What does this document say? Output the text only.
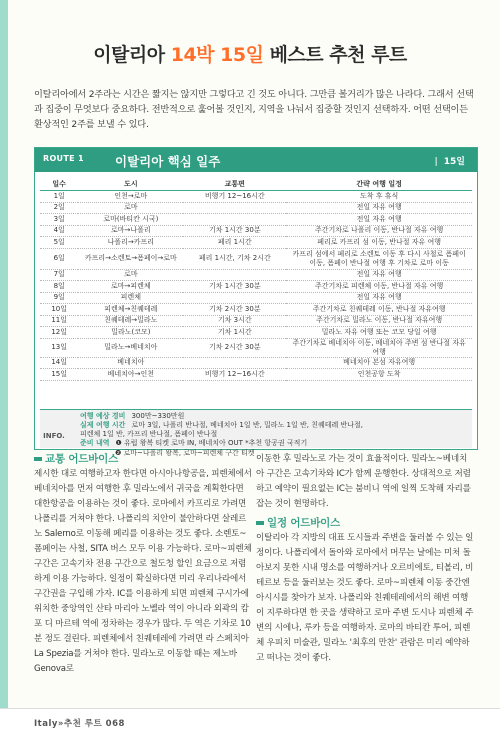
이탈리아 14박 15일 베스트 추천 루트

이탈리아에서 2주라는 시간은 짧지는 않지만 그렇다고 긴 것도 아니다. 그만큼 볼거리가 많은 나라다. 그래서 선택과 집중이 무엇보다 중요하다. 전반적으로 훑어볼 것인지, 지역을 나눠서 집중할 것인지 선택하자. 어떤 선택이든 환상적인 2주를 보낼 수 있다.

ROUTE 1 이탈리아 핵심 일주	| 15일
일수	도시	교통편	간략 여행 일정
1일	인천→로마	비행기 12~16시간	도착 후 휴식
2일	로마		전일 자유 여행
3일	로마(바티칸 시국)		전일 자유 여행
4일	로마→나폴리	기차 1시간 30분	주간기차로 나폴리 이동, 반나절 자유 여행
5일	나폴리→카프리	페리 1시간	페리로 카프리 섬 이동, 반나절 자유 여행
6일	카프리→소렌토→폼페이→로마	페리 1시간, 기차 2시간	카프리 섬에서 페리로 소렌토 이동 후 다시 사철로 폼페이 이동, 폼페이 반나절 여행 후 기차로 로마 이동
7일	로마		전일 자유 여행
8일	로마→피렌체	기차 1시간 30분	주간기차로 피렌체 이동, 반나절 자유 여행
9일	피렌체		전일 자유 여행
10일	피렌체→친퀘테레	기차 2시간 30분	주간기차로 친퀘테레 이동, 반나절 자유여행
11일	친퀘테레→밀라노	기차 3시간	주간기차로 밀라노 이동, 반나절 자유여행
12일	밀라노(코모)	기차 1시간	밀라노 자유 여행 또는 코모 당일 여행
13일	밀라노→베네치아	기차 2시간 30분	주간기차로 베네치아 이동, 베네치아 주변 섬 반나절 자유 여행
14일	베네치아		베네치아 본섬 자유여행
15일	베네치아→인천	비행기 12~16시간	인천공항 도착
INFO.
여행 예상 경비 300만~330만원
실제 여행 시간 로마 3일, 나폴리 반나절, 베네치아 1일 반, 밀라노 1일 반, 친퀘테레 반나절,
피렌체 1일 반, 카프리 반나절, 폼페이 반나절
준비 내역 ❶ 유럽 왕복 티켓 로마 IN, 베네치아 OUT *추천 항공권 국적기
❷ 로마~나폴리 왕복, 로마~피렌체 구간 티켓
교통 어드바이스

제시한 대로 여행하고자 한다면 아시아나항공을, 피렌체에서 베네치아를 먼저 여행한 후 밀라노에서 귀국을 계획한다면 대한항공을 이용하는 것이 좋다. 로마에서 카프리로 가려면 나폴리를 거쳐야 한다. 나폴리의 치안이 불안하다면 살레르노 Salerno로 이동해 페리를 이용하는 것도 좋다. 소렌토~폼페이는 사철, SITA 버스 모두 이용 가능하다. 로마~피렌체 구간은 고속기차 전용 구간으로 철도청 할인 요금으로 저렴하게 이용 가능하다. 일정이 확실하다면 미리 우리나라에서 구간권을 구입해 가자. IC를 이용하게 되면 피렌체 구시가에 위치한 중앙역인 산타 마리아 노벨라 역이 아니라 외곽의 캄포 디 마르테 역에 정차하는 경우가 많다. 두 역은 기차로 10분 정도 걸린다. 피렌체에서 친퀘테레에 가려면 라 스페치아 La Spezia를 거쳐야 한다. 밀라노로 이동할 때는 제노바 Genova로

이동한 후 밀라노로 가는 것이 효율적이다. 밀라노~베네치아 구간은 고속기차와 IC가 함께 운행한다. 상대적으로 저렴하고 예약이 필요없는 IC는 붐비니 역에 일찍 도착해 자리를 잡는 것이 현명하다.

일정 어드바이스

이탈리아 각 지방의 대표 도시들과 주변을 둘러볼 수 있는 일정이다. 나폴리에서 돌아와 로마에서 머무는 날에는 미처 돌아보지 못한 시내 명소를 여행하거나 오르비에토, 티볼리, 비테르보 등을 둘러보는 것도 좋다. 로마~피렌체 이동 중간엔 아시시를 찾아가 보자. 나폴리와 친퀘테레에서의 해변 여행이 지루하다면 한 곳을 생략하고 로마 주변 도시나 피렌체 주변의 시에나, 루카 등을 여행하자. 로마의 바티칸 투어, 피렌체 우피치 미술관, 밀라노 '최후의 만찬' 관람은 미리 예약하고 떠나는 것이 좋다.

Italy»추천 루트 068
